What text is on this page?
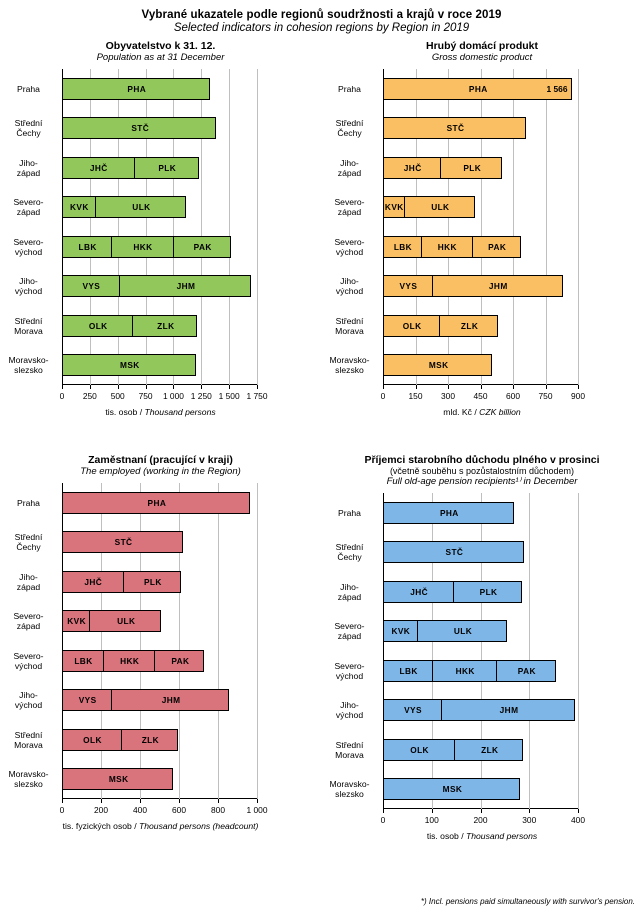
Vybrané ukazatele podle regionů soudržnosti a krajů v roce 2019
Selected indicators in cohesion regions by Region in 2019
Obyvatelstvo k 31. 12.
Population as at 31 December
0	250	500	750	1 000 1 250 1 500 1 750
Praha	PHA
Střední
Čechy	STČ
Jiho-
západ	JHČ	PLK
Severo-
západ	KVK	ULK
Severo-
východ	LBK	HKK	PAK
Jiho-
východ	VYS	JHM
Střední
Morava	OLK	ZLK
Moravsko-
slezsko	MSK
tis. osob / Thousand persons
Hrubý domácí produkt
Gross domestic product
0	150	300	450	600	750	900
Praha	PHA	1 566
Střední
Čechy	STČ
Jiho-
západ	JHČ	PLK
Severo-
západ	KVK	ULK
Severo-
východ	LBK	HKK	PAK
Jiho-
východ	VYS	JHM
Střední
Morava	OLK	ZLK
Moravsko-
slezsko	MSK
mld. Kč / CZK billion
Zaměstnaní (pracující v kraji)
The employed (working in the Region)
0	200	400	600	800	1 000
Praha	PHA
Střední
Čechy	STČ
Jiho-
západ	JHČ	PLK
Severo-
západ	KVK	ULK
Severo-
východ	LBK	HKK	PAK
Jiho-
východ	VYS	JHM
Střední
Morava	OLK	ZLK
Moravsko-
slezsko	MSK
tis. fyzických osob / Thousand persons (headcount)
Příjemci starobního důchodu plného v prosinci
(včetně souběhu s pozůstalostním důchodem)
Full old-age pension recipients¹⁾ in December
0	100	200	300	400
Praha	PHA
Střední
Čechy	STČ
Jiho-
západ	JHČ	PLK
Severo-
západ	KVK	ULK
Severo-
východ	LBK	HKK	PAK
Jiho-
východ	VYS	JHM
Střední
Morava	OLK	ZLK
Moravsko-
slezsko	MSK
tis. osob / Thousand persons
*) Incl. pensions paid simultaneously with survivor's pension.
